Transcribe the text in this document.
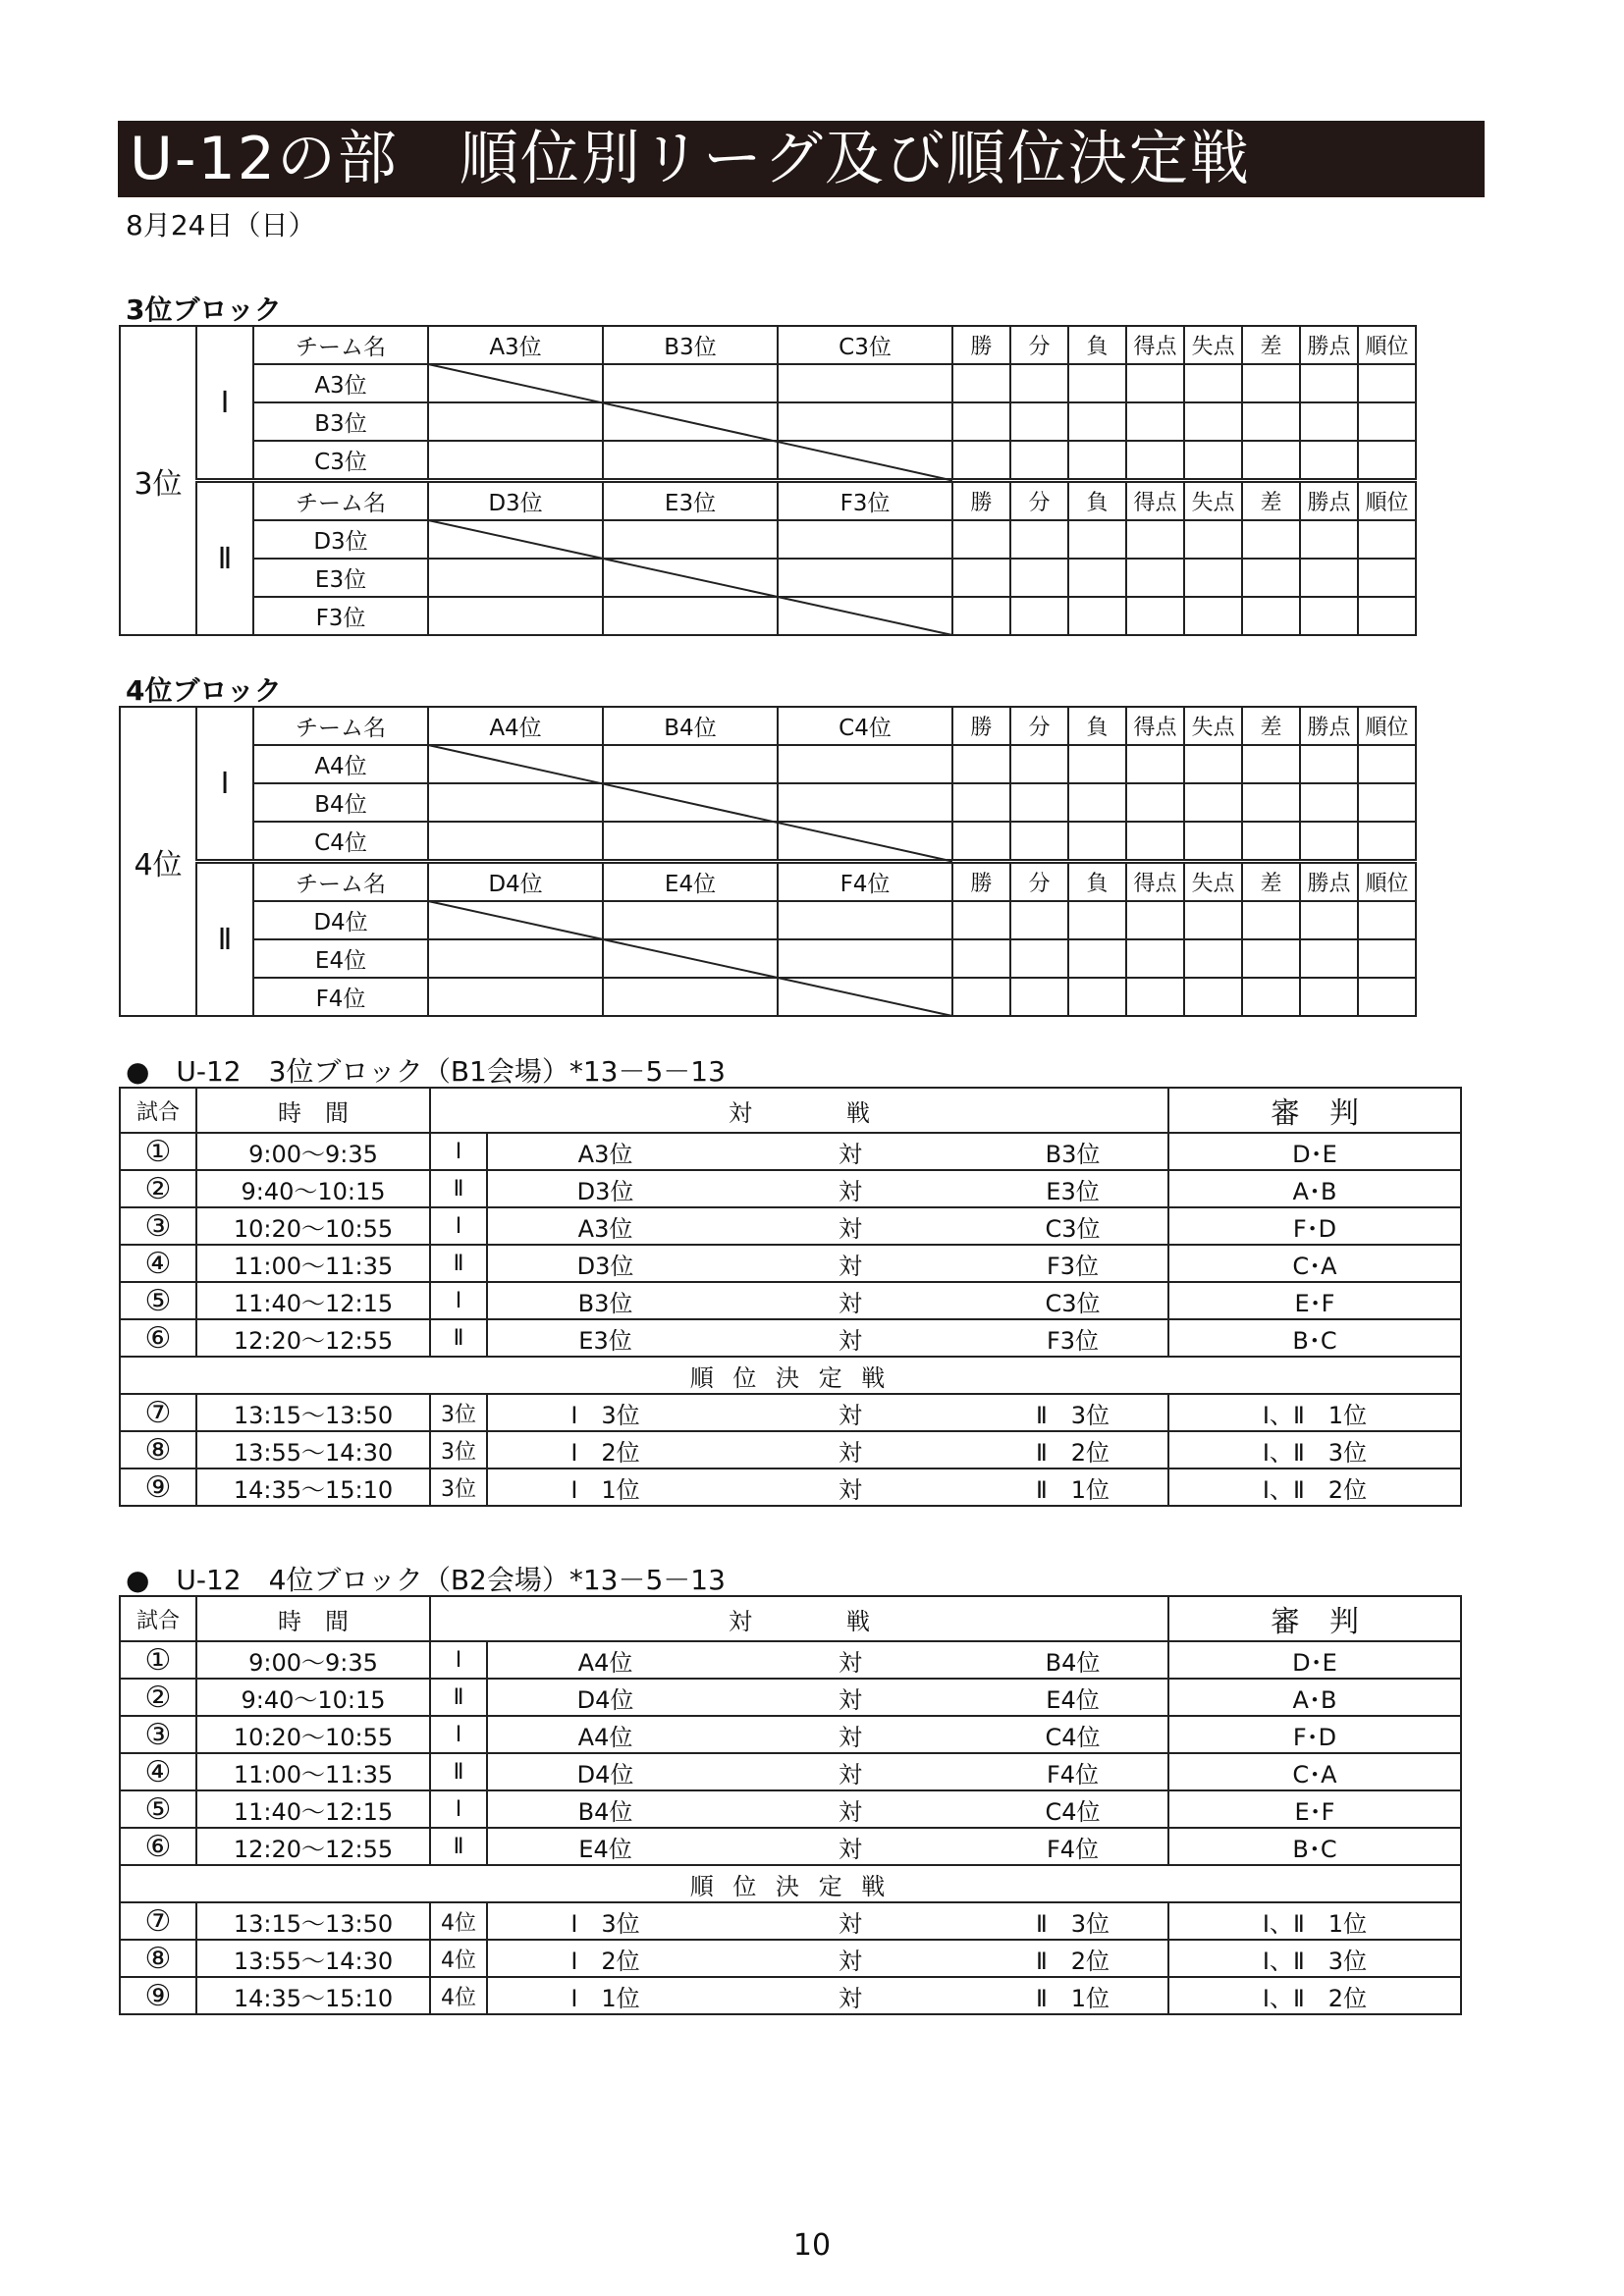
U-12の部　順位別リーグ及び順位決定戦
8月24日（日）
3位ブロック
3位	Ⅰ	チーム名	A3位	B3位	C3位	勝	分	負	得点	失点	差	勝点	順位
		A3位											
		B3位											
		C3位											
	Ⅱ	チーム名	D3位	E3位	F3位	勝	分	負	得点	失点	差	勝点	順位
		D3位											
		E3位											
		F3位											
4位ブロック
4位	Ⅰ	チーム名	A4位	B4位	C4位	勝	分	負	得点	失点	差	勝点	順位
		A4位											
		B4位											
		C4位											
	Ⅱ	チーム名	D4位	E4位	F4位	勝	分	負	得点	失点	差	勝点	順位
		D4位											
		E4位											
		F4位											
● U-12　3位ブロック（B1会場）*13－5－13
試合	時　間	対　　　　戦				審　判
①	9:00～9:35	Ⅰ	A3位	対	B3位	D･E
②	9:40～10:15	Ⅱ	D3位	対	E3位	A･B
③	10:20～10:55	Ⅰ	A3位	対	C3位	F･D
④	11:00～11:35	Ⅱ	D3位	対	F3位	C･A
⑤	11:40～12:15	Ⅰ	B3位	対	C3位	E･F
⑥	12:20～12:55	Ⅱ	E3位	対	F3位	B･C
順 位 決 定 戦						
⑦	13:15～13:50	3位	Ⅰ　3位	対	Ⅱ　3位	Ⅰ、Ⅱ　1位
⑧	13:55～14:30	3位	Ⅰ　2位	対	Ⅱ　2位	Ⅰ、Ⅱ　3位
⑨	14:35～15:10	3位	Ⅰ　1位	対	Ⅱ　1位	Ⅰ、Ⅱ　2位
● U-12　4位ブロック（B2会場）*13－5－13
試合	時　間	対　　　　戦				審　判
①	9:00～9:35	Ⅰ	A4位	対	B4位	D･E
②	9:40～10:15	Ⅱ	D4位	対	E4位	A･B
③	10:20～10:55	Ⅰ	A4位	対	C4位	F･D
④	11:00～11:35	Ⅱ	D4位	対	F4位	C･A
⑤	11:40～12:15	Ⅰ	B4位	対	C4位	E･F
⑥	12:20～12:55	Ⅱ	E4位	対	F4位	B･C
順 位 決 定 戦						
⑦	13:15～13:50	4位	Ⅰ　3位	対	Ⅱ　3位	Ⅰ、Ⅱ　1位
⑧	13:55～14:30	4位	Ⅰ　2位	対	Ⅱ　2位	Ⅰ、Ⅱ　3位
⑨	14:35～15:10	4位	Ⅰ　1位	対	Ⅱ　1位	Ⅰ、Ⅱ　2位
10
